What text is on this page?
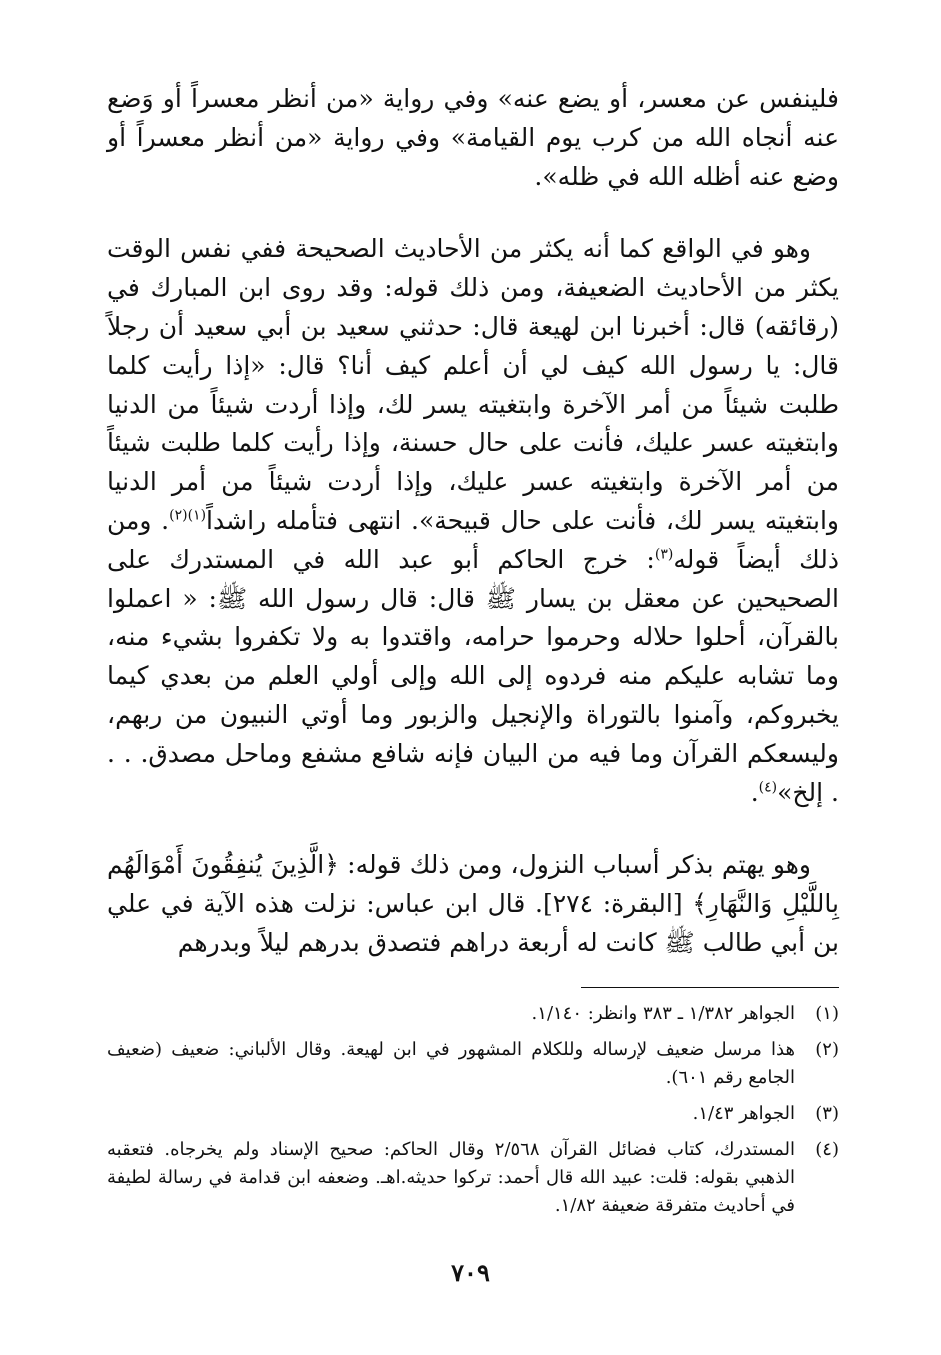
فلينفس عن معسر، أو يضع عنه» وفي رواية «من أنظر معسراً أو وَضع عنه أنجاه الله من كرب يوم القيامة» وفي رواية «من أنظر معسراً أو وضع عنه أظله الله في ظله».

وهو في الواقع كما أنه يكثر من الأحاديث الصحيحة ففي نفس الوقت يكثر من الأحاديث الضعيفة، ومن ذلك قوله: وقد روى ابن المبارك في (رقائقه) قال: أخبرنا ابن لهيعة قال: حدثني سعيد بن أبي سعيد أن رجلاً قال: يا رسول الله كيف لي أن أعلم كيف أنا؟ قال: «إذا رأيت كلما طلبت شيئاً من أمر الآخرة وابتغيته يسر لك، وإذا أردت شيئاً من الدنيا وابتغيته عسر عليك، فأنت على حال حسنة، وإذا رأيت كلما طلبت شيئاً من أمر الآخرة وابتغيته عسر عليك، وإذا أردت شيئاً من أمر الدنيا وابتغيته يسر لك، فأنت على حال قبيحة». انتهى فتأمله راشداً$^{(١)(٢)}$. ومن ذلك أيضاً قوله$^{(٣)}$: خرج الحاكم أبو عبد الله في المستدرك على الصحيحين عن معقل بن يسار ﷺ قال: قال رسول الله ﷺ: « اعملوا بالقرآن، أحلوا حلاله وحرموا حرامه، واقتدوا به ولا تكفروا بشيء منه، وما تشابه عليكم منه فردوه إلى الله وإلى أولي العلم من بعدي كيما يخبروكم، وآمنوا بالتوراة والإنجيل والزبور وما أوتي النبيون من ربهم، وليسعكم القرآن وما فيه من البيان فإنه شافع مشفع وماحل مصدق. . . . إلخ»$^{(٤)}$.

وهو يهتم بذكر أسباب النزول، ومن ذلك قوله: ﴿الَّذِينَ يُنفِقُونَ أَمْوَالَهُم بِاللَّيْلِ وَالنَّهَارِ﴾ [البقرة: ٢٧٤]. قال ابن عباس: نزلت هذه الآية في علي بن أبي طالب ﷺ كانت له أربعة دراهم فتصدق بدرهم ليلاً وبدرهم

(١)
الجواهر ١/٣٨٢ ـ ٣٨٣ وانظر: ١/١٤٠.
(٢)
هذا مرسل ضعيف لإرساله وللكلام المشهور في ابن لهيعة. وقال الألباني: ضعيف (ضعيف الجامع رقم ٦٠١).
(٣)
الجواهر ١/٤٣.
(٤)
المستدرك، كتاب فضائل القرآن ٢/٥٦٨ وقال الحاكم: صحيح الإسناد ولم يخرجاه. فتعقبه الذهبي بقوله: قلت: عبيد الله قال أحمد: تركوا حديثه.اهـ. وضعفه ابن قدامة في رسالة لطيفة في أحاديث متفرقة ضعيفة ١/٨٢.
٧٠٩
